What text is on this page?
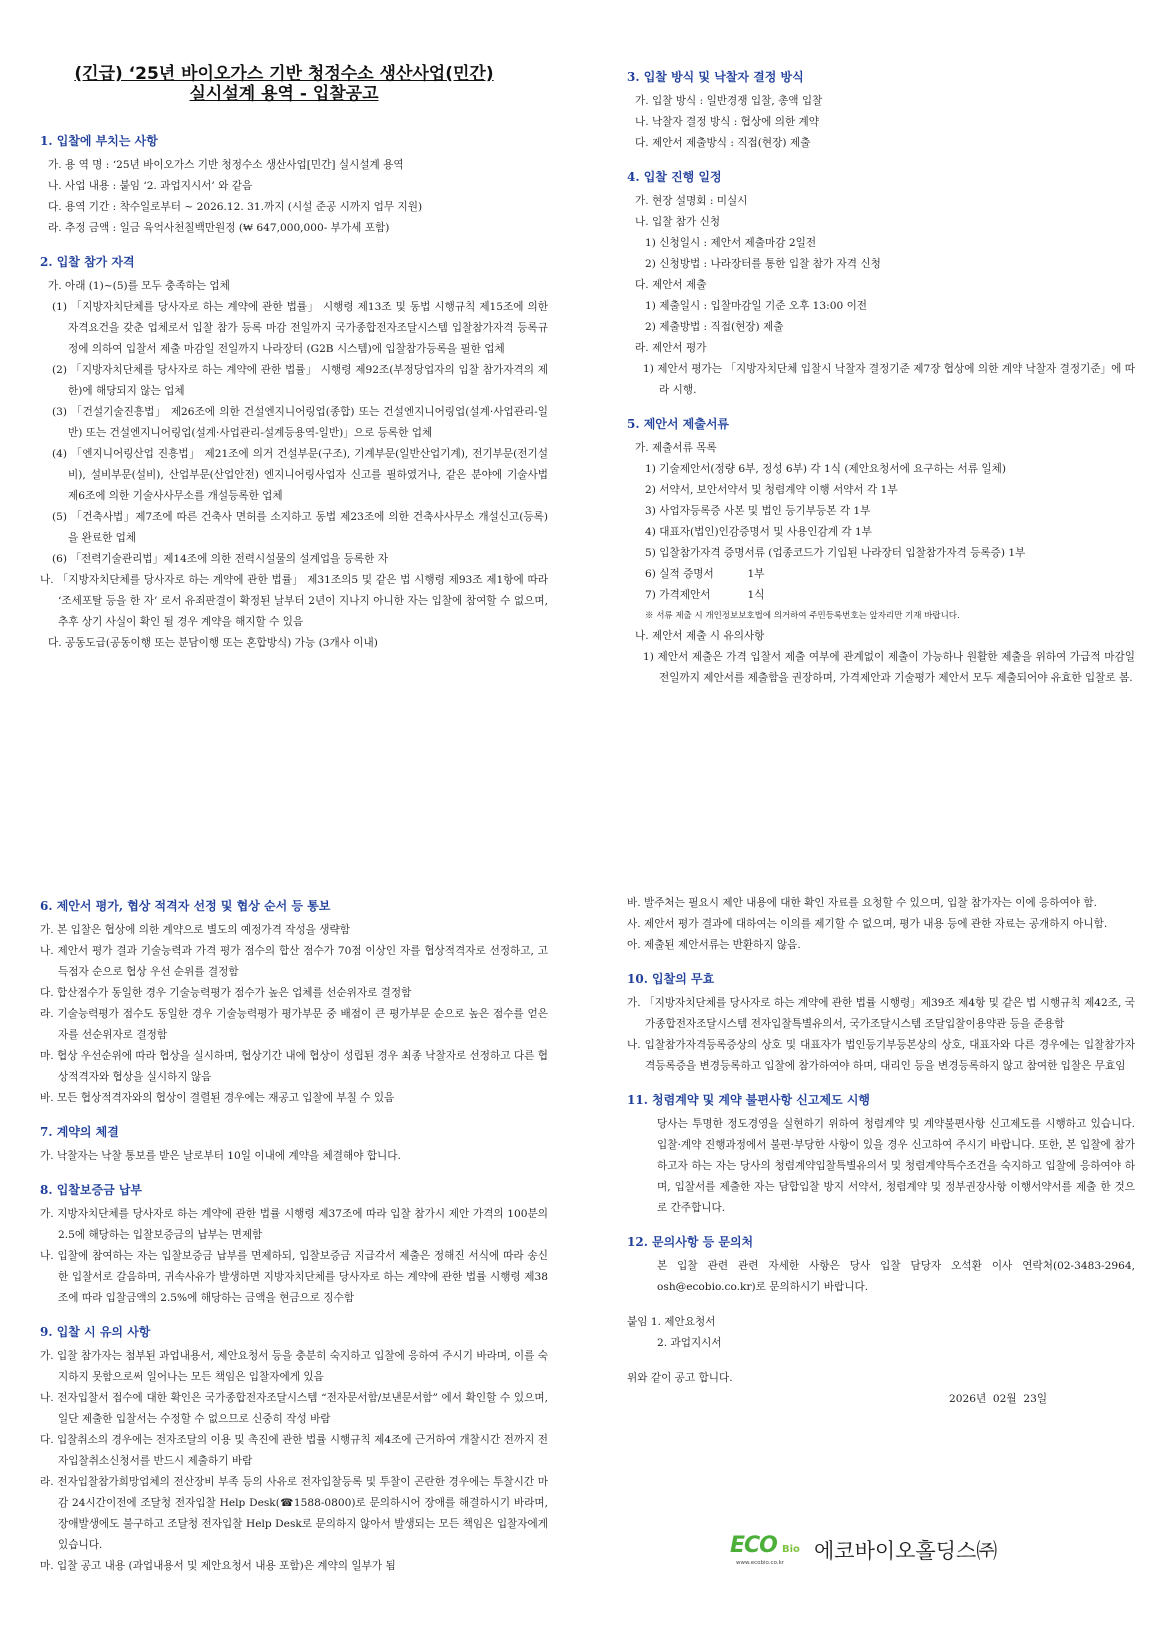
(긴급) ‘25년 바이오가스 기반 청정수소 생산사업(민간)
실시설계 용역 - 입찰공고
1. 입찰에 부치는 사항

가. 용 역 명 : ‘25년 바이오가스 기반 청정수소 생산사업[민간] 실시설계 용역

나. 사업 내용 : 붙임 ‘2. 과업지시서’ 와 같음

다. 용역 기간 : 착수일로부터 ~ 2026.12. 31.까지 (시설 준공 시까지 업무 지원)

라. 추정 금액 : 일금 육억사천칠백만원정 (₩ 647,000,000- 부가세 포함)

2. 입찰 참가 자격

가. 아래 (1)~(5)를 모두 충족하는 업체

(1) 「지방자치단체를 당사자로 하는 계약에 관한 법률」 시행령 제13조 및 동법 시행규칙 제15조에 의한 자격요건을 갖춘 업체로서 입찰 참가 등록 마감 전일까지 국가종합전자조달시스템 입찰참가자격 등록규정에 의하여 입찰서 제출 마감일 전일까지 나라장터 (G2B 시스템)에 입찰참가등록을 필한 업체

(2) 「지방자치단체를 당사자로 하는 계약에 관한 법률」 시행령 제92조(부정당업자의 입찰 참가자격의 제한)에 해당되지 않는 업체

(3) 「건설기술진흥법」 제26조에 의한 건설엔지니어링업(종합) 또는 건설엔지니어링업(설계·사업관리-일반) 또는 건설엔지니어링업(설계·사업관리-설계등용역-일반)」으로 등록한 업체

(4) 「엔지니어링산업 진흥법」 제21조에 의거 건설부문(구조), 기계부문(일반산업기계), 전기부문(전기설비), 설비부문(설비), 산업부문(산업안전) 엔지니어링사업자 신고를 필하였거나, 같은 분야에 기술사법 제6조에 의한 기술사사무소를 개설등록한 업체

(5) 「건축사법」제7조에 따른 건축사 면허를 소지하고 동법 제23조에 의한 건축사사무소 개설신고(등록)을 완료한 업체

(6) 「전력기술관리법」제14조에 의한 전력시설물의 설계업을 등록한 자

나. 「지방자치단체를 당사자로 하는 계약에 관한 법률」 제31조의5 및 같은 법 시행령 제93조 제1항에 따라 ‘조세포탈 등을 한 자’ 로서 유죄판결이 확정된 날부터 2년이 지나지 아니한 자는 입찰에 참여할 수 없으며, 추후 상기 사실이 확인 될 경우 계약을 해지할 수 있음

다. 공동도급(공동이행 또는 분담이행 또는 혼합방식) 가능 (3개사 이내)

3. 입찰 방식 및 낙찰자 결정 방식

가. 입찰 방식 : 일반경쟁 입찰, 총액 입찰

나. 낙찰자 결정 방식 : 협상에 의한 계약

다. 제안서 제출방식 : 직접(현장) 제출

4. 입찰 진행 일정

가. 현장 설명회 : 미실시

나. 입찰 참가 신청

1) 신청일시 : 제안서 제출마감 2일전

2) 신청방법 : 나라장터를 통한 입찰 참가 자격 신청

다. 제안서 제출

1) 제출일시 : 입찰마감일 기준 오후 13:00 이전

2) 제출방법 : 직접(현장) 제출

라. 제안서 평가

1) 제안서 평가는 「지방자치단체 입찰시 낙찰자 결정기준 제7장 협상에 의한 계약 낙찰자 결정기준」에 따라 시행.

5. 제안서 제출서류

가. 제출서류 목록

1) 기술제안서(정량 6부, 정성 6부) 각 1식 (제안요청서에 요구하는 서류 일체)

2) 서약서, 보안서약서 및 청렴계약 이행 서약서 각 1부

3) 사업자등록증 사본 및 법인 등기부등본 각 1부

4) 대표자(법인)인감증명서 및 사용인감계 각 1부

5) 입찰참가자격 증명서류 (업종코드가 기입된 나라장터 입찰참가자격 등록증) 1부

6) 실적 증명서          1부

7) 가격제안서           1식

※ 서류 제출 시 개인정보보호법에 의거하여 주민등록번호는 앞자리만 기재 바랍니다.

나. 제안서 제출 시 유의사항

1) 제안서 제출은 가격 입찰서 제출 여부에 관계없이 제출이 가능하나 원활한 제출을 위하여 가급적 마감일 전일까지 제안서를 제출함을 권장하며, 가격제안과 기술평가 제안서 모두 제출되어야 유효한 입찰로 봄.

6. 제안서 평가, 협상 적격자 선정 및 협상 순서 등 통보

가. 본 입찰은 협상에 의한 계약으로 별도의 예정가격 작성을 생략함

나. 제안서 평가 결과 기술능력과 가격 평가 점수의 합산 점수가 70점 이상인 자를 협상적격자로 선정하고, 고득점자 순으로 협상 우선 순위를 결정함

다. 합산점수가 동일한 경우 기술능력평가 점수가 높은 업체를 선순위자로 결정함

라. 기술능력평가 점수도 동일한 경우 기술능력평가 평가부문 중 배점이 큰 평가부문 순으로 높은 점수를 얻은 자를 선순위자로 결정함

마. 협상 우선순위에 따라 협상을 실시하며, 협상기간 내에 협상이 성립된 경우 최종 낙찰자로 선정하고 다른 협상적격자와 협상을 실시하지 않음

바. 모든 협상적격자와의 협상이 결렬된 경우에는 재공고 입찰에 부칠 수 있음

7. 계약의 체결

가. 낙찰자는 낙찰 통보를 받은 날로부터 10일 이내에 계약을 체결해야 합니다.

8. 입찰보증금 납부

가. 지방자치단체를 당사자로 하는 계약에 관한 법률 시행령 제37조에 따라 입찰 참가시 제안 가격의 100분의 2.5에 해당하는 입찰보증금의 납부는 면제함

나. 입찰에 참여하는 자는 입찰보증금 납부를 면제하되, 입찰보증금 지급각서 제출은 정해진 서식에 따라 송신한 입찰서로 갈음하며, 귀속사유가 발생하면 지방자치단체를 당사자로 하는 계약에 관한 법률 시행령 제38조에 따라 입찰금액의 2.5%에 해당하는 금액을 현금으로 징수함

9. 입찰 시 유의 사항

가. 입찰 참가자는 첨부된 과업내용서, 제안요청서 등을 충분히 숙지하고 입찰에 응하여 주시기 바라며, 이를 숙지하지 못함으로써 일어나는 모든 책임은 입찰자에게 있음

나. 전자입찰서 접수에 대한 확인은 국가종합전자조달시스템 “전자문서함/보낸문서함” 에서 확인할 수 있으며, 일단 제출한 입찰서는 수정할 수 없으므로 신중히 작성 바람

다. 입찰취소의 경우에는 전자조달의 이용 및 촉진에 관한 법률 시행규칙 제4조에 근거하여 개찰시간 전까지 전자입찰취소신청서를 반드시 제출하기 바람

라. 전자입찰참가희망업체의 전산장비 부족 등의 사유로 전자입찰등록 및 투찰이 곤란한 경우에는 투찰시간 마감 24시간이전에 조달청 전자입찰 Help Desk(☎1588-0800)로 문의하시어 장애를 해결하시기 바라며, 장애발생에도 불구하고 조달청 전자입찰 Help Desk로 문의하지 않아서 발생되는 모든 책임은 입찰자에게 있습니다.

마. 입찰 공고 내용 (과업내용서 및 제안요청서 내용 포함)은 계약의 일부가 됨

바. 발주처는 필요시 제안 내용에 대한 확인 자료를 요청할 수 있으며, 입찰 참가자는 이에 응하여야 함.

사. 제안서 평가 결과에 대하여는 이의를 제기할 수 없으며, 평가 내용 등에 관한 자료는 공개하지 아니함.

아. 제출된 제안서류는 반환하지 않음.

10. 입찰의 무효

가. 「지방자치단체를 당사자로 하는 계약에 관한 법률 시행령」제39조 제4항 및 같은 법 시행규칙 제42조, 국가종합전자조달시스템 전자입찰특별유의서, 국가조달시스템 조달입찰이용약관 등을 준용함

나. 입찰참가자격등록증상의 상호 및 대표자가 법인등기부등본상의 상호, 대표자와 다른 경우에는 입찰참가자격등록증을 변경등록하고 입찰에 참가하여야 하며, 대리인 등을 변경등록하지 않고 참여한 입찰은 무효임

11. 청렴계약 및 계약 불편사항 신고제도 시행

당사는 투명한 정도경영을 실현하기 위하여 청렴계약 및 계약불편사항 신고제도를 시행하고 있습니다. 입찰·계약 진행과정에서 불편·부당한 사항이 있을 경우 신고하여 주시기 바랍니다. 또한, 본 입찰에 참가하고자 하는 자는 당사의 청렴계약입찰특별유의서 및 청렴계약특수조건을 숙지하고 입찰에 응하여야 하며, 입찰서를 제출한 자는 담합입찰 방지 서약서, 청렴계약 및 정부권장사항 이행서약서를 제출 한 것으로 간주합니다.

12. 문의사항 등 문의처

본 입찰 관련 관련 자세한 사항은 당사 입찰 담당자 오석환 이사 연락처(02-3483-2964, osh@ecobio.co.kr)로 문의하시기 바랍니다.

붙임 1. 제안요청서

2. 과업지시서

위와 같이 공고 합니다.

2026년  02월  23일

ECO Bio
www.ecobio.co.kr 에코바이오홀딩스㈜
